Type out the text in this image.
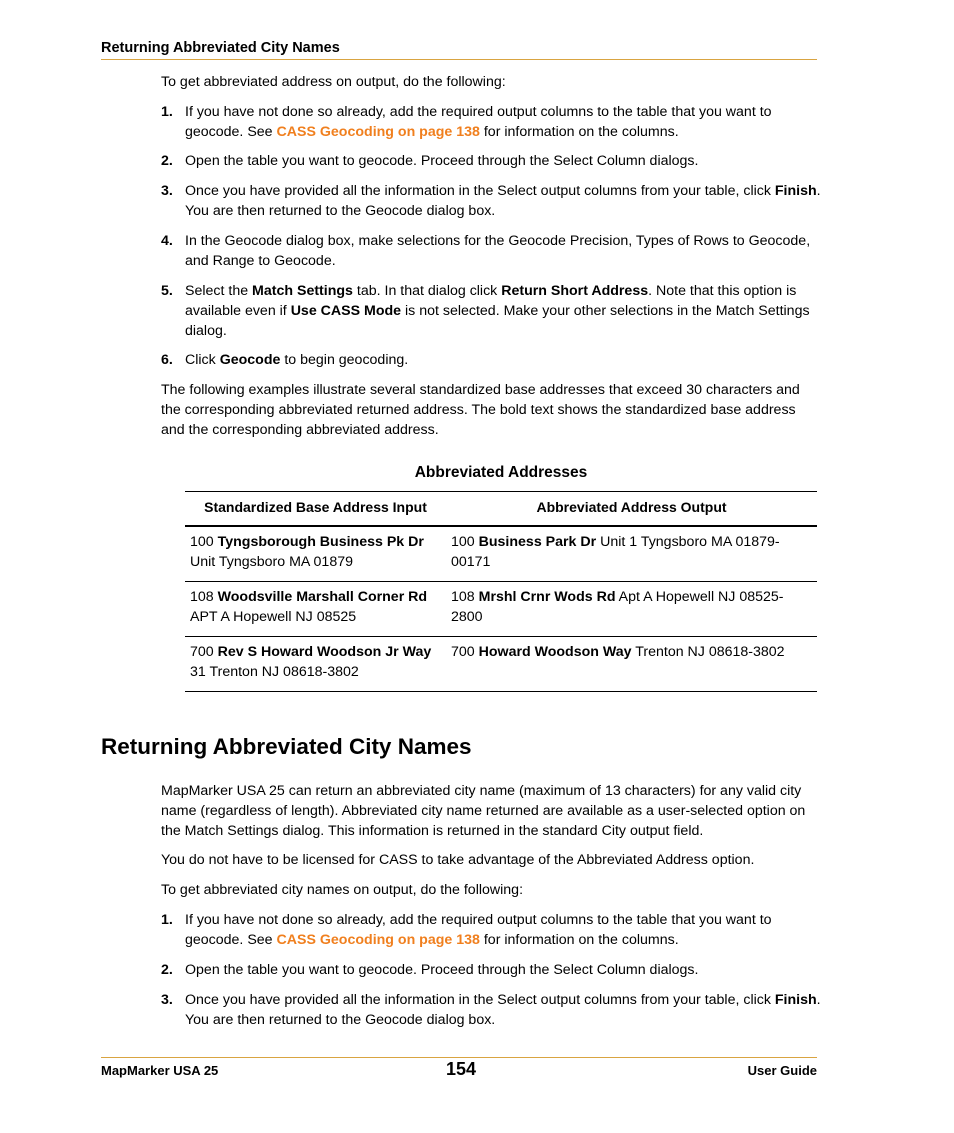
Returning Abbreviated City Names
To get abbreviated address on output, do the following:
1. If you have not done so already, add the required output columns to the table that you want to geocode. See CASS Geocoding on page 138 for information on the columns.
2. Open the table you want to geocode. Proceed through the Select Column dialogs.
3. Once you have provided all the information in the Select output columns from your table, click Finish. You are then returned to the Geocode dialog box.
4. In the Geocode dialog box, make selections for the Geocode Precision, Types of Rows to Geocode, and Range to Geocode.
5. Select the Match Settings tab. In that dialog click Return Short Address. Note that this option is available even if Use CASS Mode is not selected. Make your other selections in the Match Settings dialog.
6. Click Geocode to begin geocoding.
The following examples illustrate several standardized base addresses that exceed 30 characters and the corresponding abbreviated returned address. The bold text shows the standardized base address and the corresponding abbreviated address.
Abbreviated Addresses
Standardized Base Address Input	Abbreviated Address Output
100 Tyngsborough Business Pk Dr Unit Tyngsboro MA 01879	100 Business Park Dr Unit 1 Tyngsboro MA 01879-00171
108 Woodsville Marshall Corner Rd APT A Hopewell NJ 08525	108 Mrshl Crnr Wods Rd Apt A Hopewell NJ 08525-2800
700 Rev S Howard Woodson Jr Way 31 Trenton NJ 08618-3802	700 Howard Woodson Way Trenton NJ 08618-3802
Returning Abbreviated City Names
MapMarker USA 25 can return an abbreviated city name (maximum of 13 characters) for any valid city name (regardless of length). Abbreviated city name returned are available as a user-selected option on the Match Settings dialog. This information is returned in the standard City output field.
You do not have to be licensed for CASS to take advantage of the Abbreviated Address option.
To get abbreviated city names on output, do the following:
1. If you have not done so already, add the required output columns to the table that you want to geocode. See CASS Geocoding on page 138 for information on the columns.
2. Open the table you want to geocode. Proceed through the Select Column dialogs.
3. Once you have provided all the information in the Select output columns from your table, click Finish. You are then returned to the Geocode dialog box.
MapMarker USA 25	154	User Guide
